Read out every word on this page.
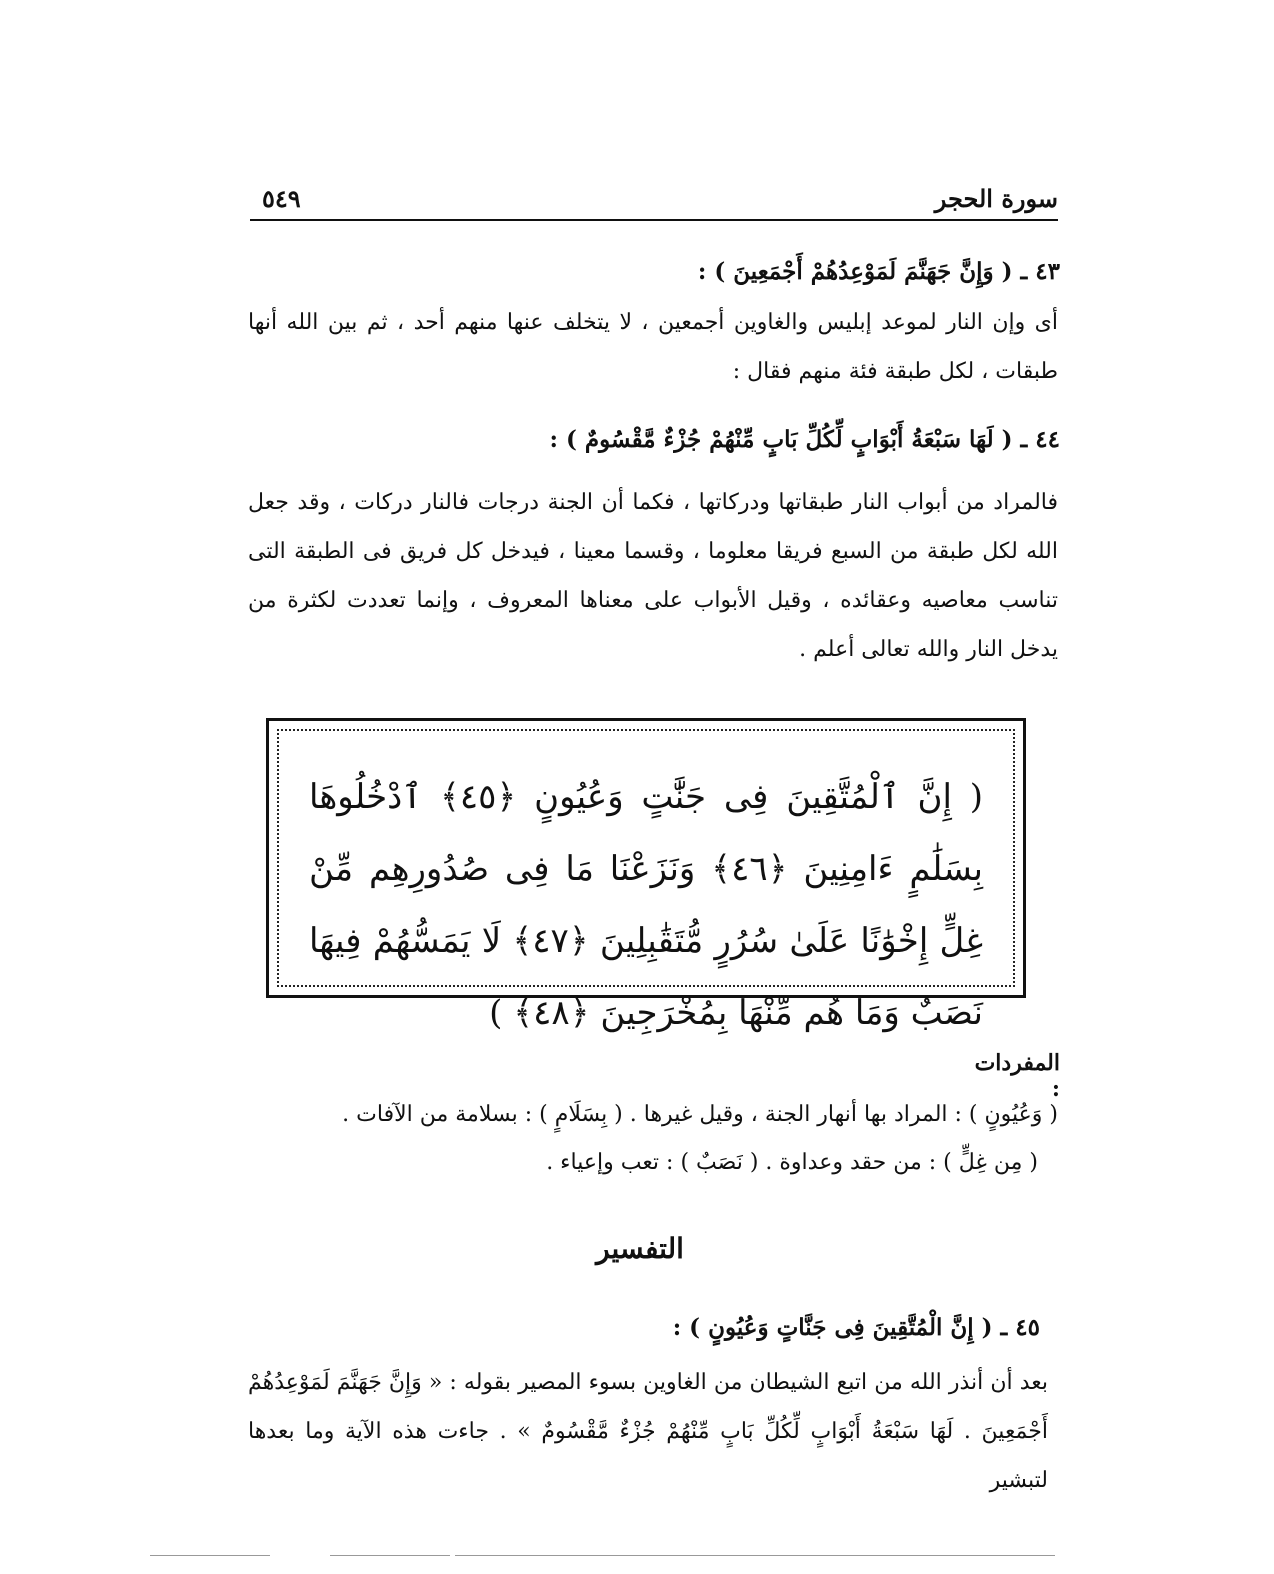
٥٤٩	سورة الحجر
٤٣ ـ ( وَإِنَّ جَهَنَّمَ لَمَوْعِدُهُمْ أَجْمَعِينَ ) :
أى وإن النار لموعد إبليس والغاوين أجمعين ، لا يتخلف عنها منهم أحد ، ثم بين الله أنها طبقات ، لكل طبقة فئة منهم فقال :
٤٤ ـ ( لَهَا سَبْعَةُ أَبْوَابٍ لِّكُلِّ بَابٍ مِّنْهُمْ جُزْءٌ مَّقْسُومٌ ) :
فالمراد من أبواب النار طبقاتها ودركاتها ، فكما أن الجنة درجات فالنار دركات ، وقد جعل الله لكل طبقة من السبع فريقا معلوما ، وقسما معينا ، فيدخل كل فريق فى الطبقة التى تناسب معاصيه وعقائده ، وقيل الأبواب على معناها المعروف ، وإنما تعددت لكثرة من يدخل النار والله تعالى أعلم .
( إِنَّ ٱلْمُتَّقِينَ فِى جَنَّٰتٍ وَعُيُونٍ ﴿٤٥﴾ ٱدْخُلُوهَا بِسَلَٰمٍ ءَامِنِينَ ﴿٤٦﴾ وَنَزَعْنَا مَا فِى صُدُورِهِم مِّنْ غِلٍّ إِخْوَٰنًا عَلَىٰ سُرُرٍ مُّتَقَٰبِلِينَ ﴿٤٧﴾ لَا يَمَسُّهُمْ فِيهَا نَصَبٌ وَمَا هُم مِّنْهَا بِمُخْرَجِينَ ﴿٤٨﴾ )
المفردات :
( وَعُيُونٍ ) : المراد بها أنهار الجنة ، وقيل غيرها . ( بِسَلَامٍ ) : بسلامة من الآفات .
( مِن غِلٍّ ) : من حقد وعداوة . ( نَصَبٌ ) : تعب وإعياء .
التفسير
٤٥ ـ ( إِنَّ الْمُتَّقِينَ فِى جَنَّاتٍ وَعُيُونٍ ) :
بعد أن أنذر الله من اتبع الشيطان من الغاوين بسوء المصير بقوله : « وَإِنَّ جَهَنَّمَ لَمَوْعِدُهُمْ أَجْمَعِينَ . لَهَا سَبْعَةُ أَبْوَابٍ لِّكُلِّ بَابٍ مِّنْهُمْ جُزْءٌ مَّقْسُومٌ » . جاءت هذه الآية وما بعدها لتبشير
